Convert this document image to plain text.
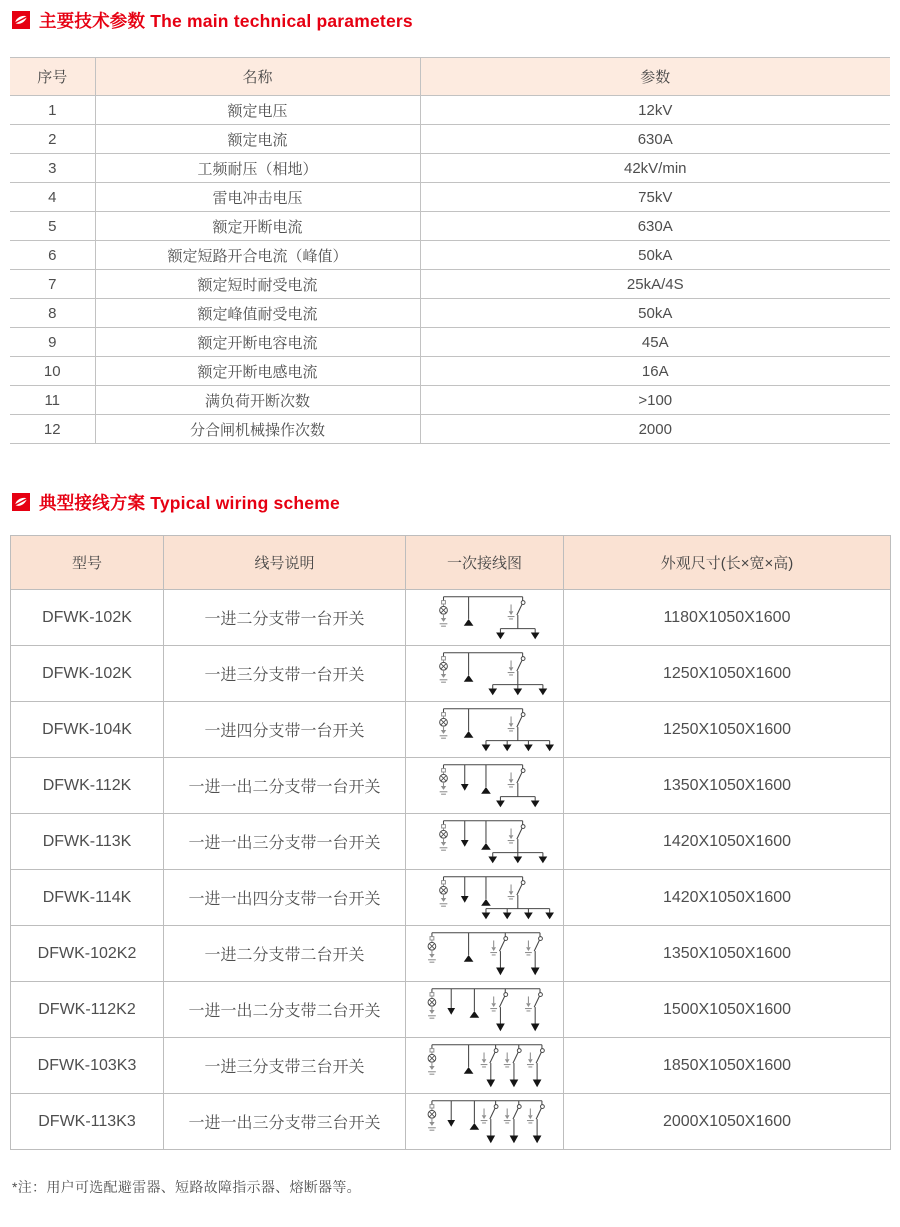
主要技术参数 The main technical parameters
序号	名称	参数
1	额定电压	12kV
2	额定电流	630A
3	工频耐压（相地）	42kV/min
4	雷电冲击电压	75kV
5	额定开断电流	630A
6	额定短路开合电流（峰值）	50kA
7	额定短时耐受电流	25kA/4S
8	额定峰值耐受电流	50kA
9	额定开断电容电流	45A
10	额定开断电感电流	16A
11	满负荷开断次数	>100
12	分合闸机械操作次数	2000
典型接线方案 Typical wiring scheme
型号	线号说明	一次接线图	外观尺寸(长×宽×高)
DFWK-102K	一进二分支带一台开关		1180X1050X1600
DFWK-102K	一进三分支带一台开关		1250X1050X1600
DFWK-104K	一进四分支带一台开关		1250X1050X1600
DFWK-112K	一进一出二分支带一台开关		1350X1050X1600
DFWK-113K	一进一出三分支带一台开关		1420X1050X1600
DFWK-114K	一进一出四分支带一台开关		1420X1050X1600
DFWK-102K2	一进二分支带二台开关		1350X1050X1600
DFWK-112K2	一进一出二分支带二台开关		1500X1050X1600
DFWK-103K3	一进三分支带三台开关		1850X1050X1600
DFWK-113K3	一进一出三分支带三台开关		2000X1050X1600

*注：用户可选配避雷器、短路故障指示器、熔断器等。
